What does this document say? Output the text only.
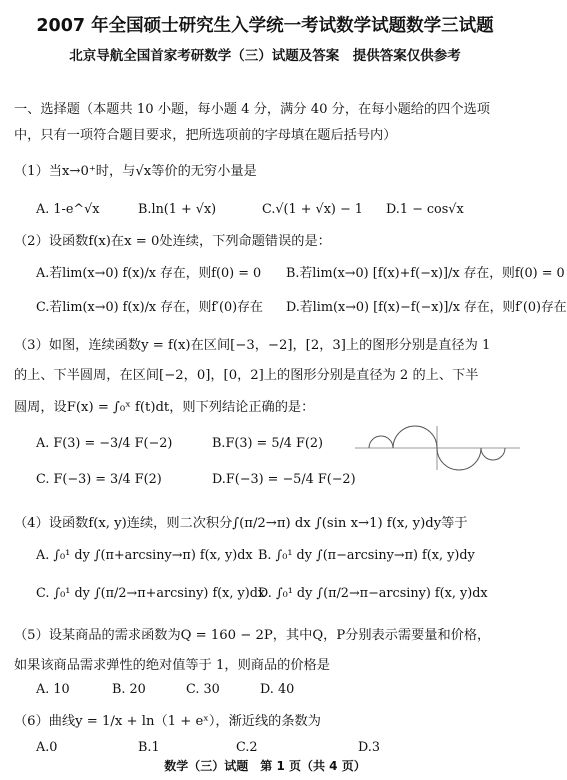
2007 年全国硕士研究生入学统一考试数学试题数学三试题
北京导航全国首家考研数学（三）试题及答案　提供答案仅供参考
一、选择题（本题共 10 小题，每小题 4 分，满分 40 分，在每小题给的四个选项
中，只有一项符合题目要求，把所选项前的字母填在题后括号内）
（1）当x→0⁺时，与√x等价的无穷小量是
A. 1-e^√x	B.ln(1 + √x)	C.√(1 + √x) − 1 D.1 − cos√x
（2）设函数f(x)在x = 0处连续，下列命题错误的是：
A.若lim(x→0) f(x)/x 存在，则f(0) = 0 B.若lim(x→0) [f(x)+f(−x)]/x 存在，则f(0) = 0
C.若lim(x→0) f(x)/x 存在，则f′(0)存在 D.若lim(x→0) [f(x)−f(−x)]/x 存在，则f′(0)存在
（3）如图，连续函数y = f(x)在区间[−3，−2]，[2，3]上的图形分别是直径为 1
的上、下半圆周，在区间[−2，0]，[0，2]上的图形分别是直径为 2 的上、下半
圆周，设F(x) = ∫₀ˣ f(t)dt，则下列结论正确的是：
A. F(3) = −3/4 F(−2)	B.F(3) = 5/4 F(2)
C. F(−3) = 3/4 F(2)	D.F(−3) = −5/4 F(−2)
（4）设函数f(x, y)连续，则二次积分∫(π/2→π) dx ∫(sin x→1) f(x, y)dy等于
A. ∫₀¹ dy ∫(π+arcsiny→π) f(x, y)dx B. ∫₀¹ dy ∫(π−arcsiny→π) f(x, y)dy
C. ∫₀¹ dy ∫(π/2→π+arcsiny) f(x, y)dx
D. ∫₀¹ dy ∫(π/2→π−arcsiny) f(x, y)dx
（5）设某商品的需求函数为Q = 160 − 2P，其中Q，P分别表示需要量和价格，
如果该商品需求弹性的绝对值等于 1，则商品的价格是
A. 10	B. 20	C. 30	D. 40
（6）曲线y = 1/x + ln（1 + eˣ），渐近线的条数为
A.0	B.1	C.2	D.3
数学（三）试题　第 1 页（共 4 页）
